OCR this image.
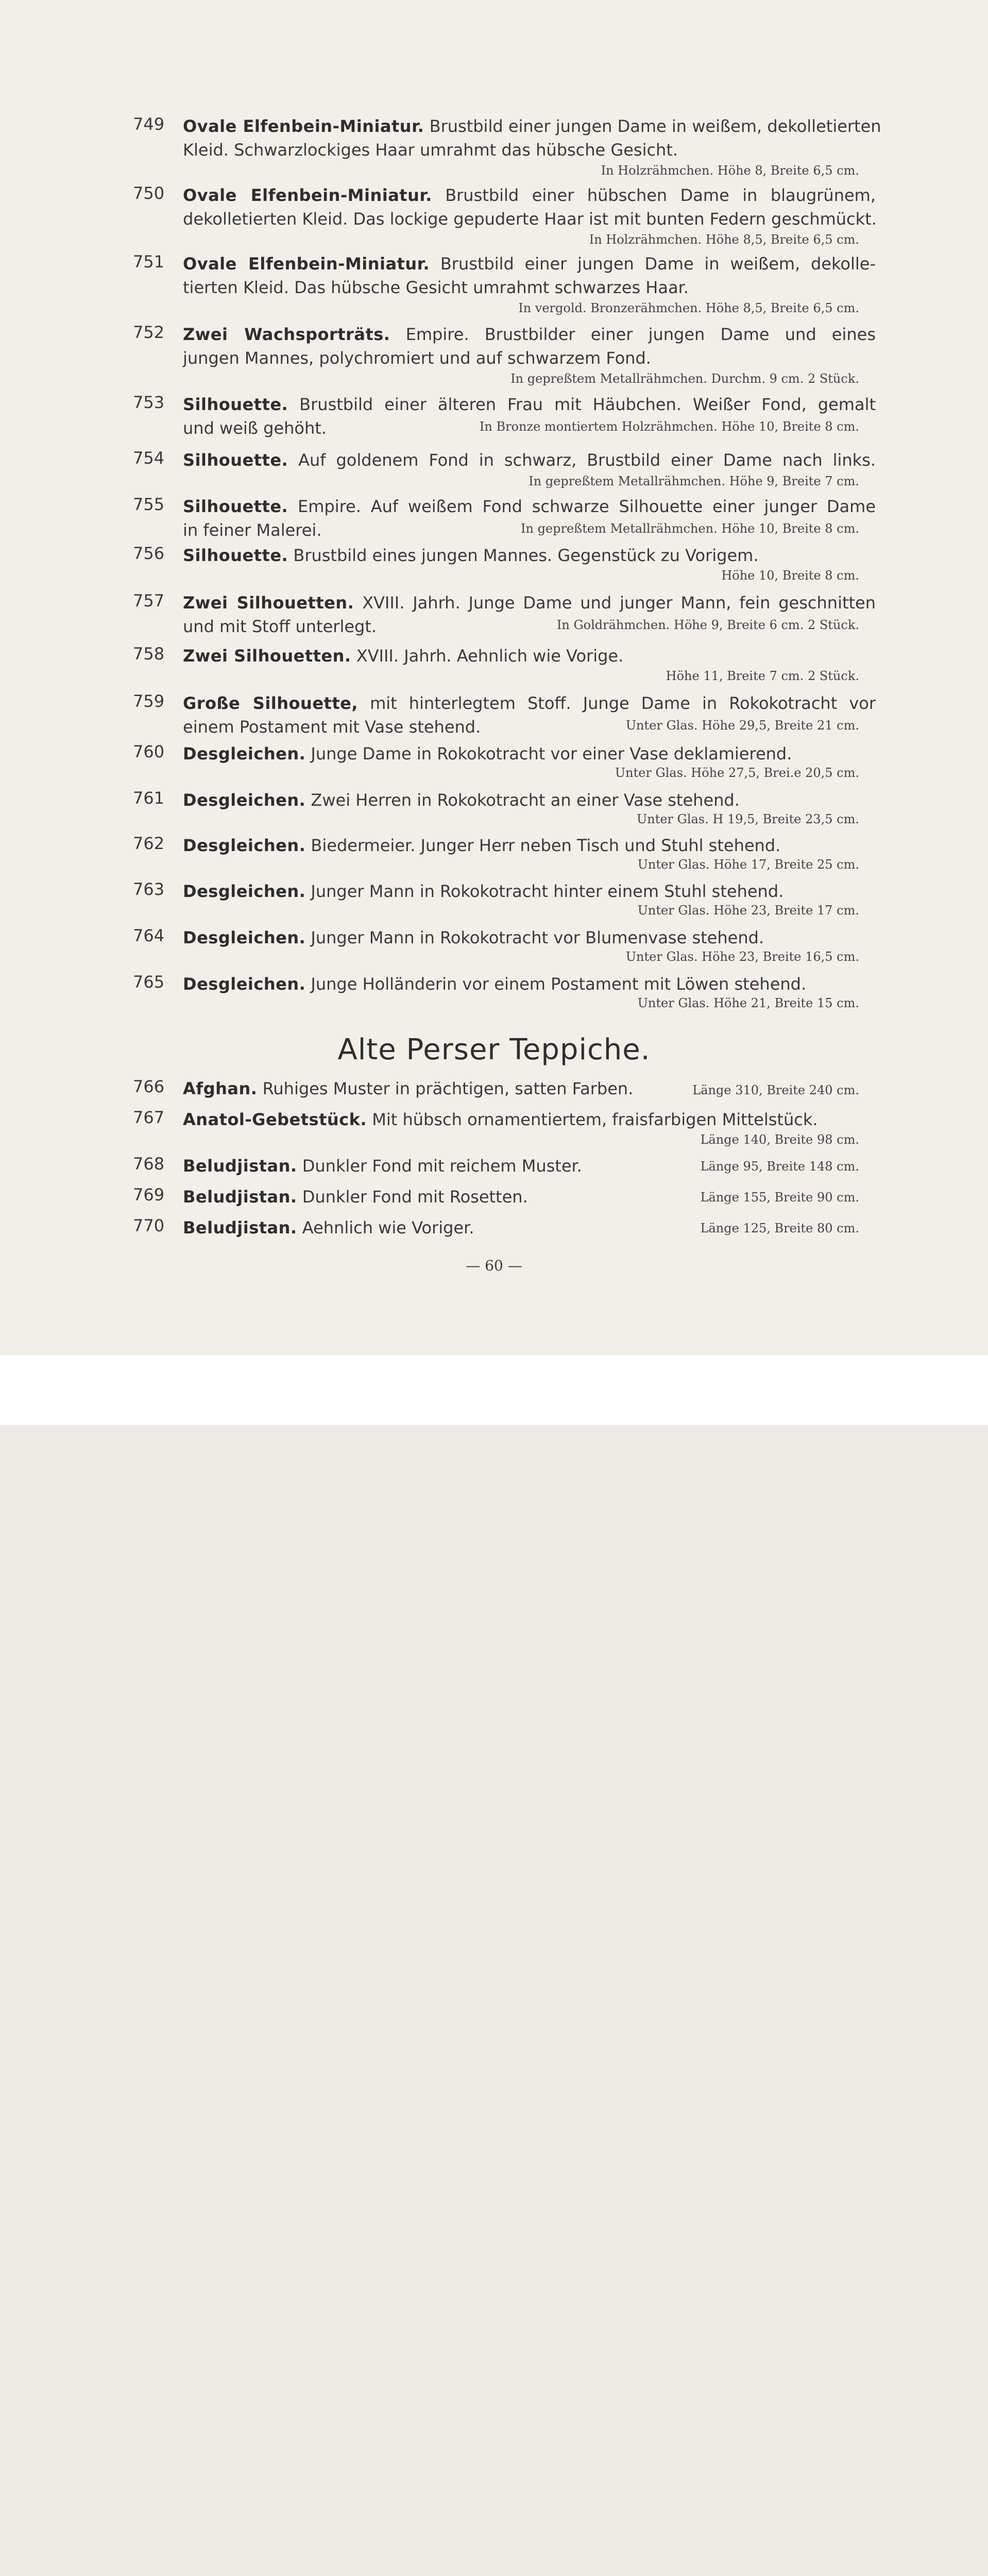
749	Ovale Elfenbein-Miniatur. Brustbild einer jungen Dame in weißem, dekolletierten
Kleid. Schwarzlockiges Haar umrahmt das hübsche Gesicht.
In Holzrähmchen. Höhe 8, Breite 6,5 cm.
750	Ovale Elfenbein-Miniatur. Brustbild einer hübschen Dame in blaugrünem,
dekolletierten Kleid. Das lockige gepuderte Haar ist mit bunten Federn geschmückt.
In Holzrähmchen. Höhe 8,5, Breite 6,5 cm.
751	Ovale Elfenbein-Miniatur. Brustbild einer jungen Dame in weißem, dekolle-
tierten Kleid. Das hübsche Gesicht umrahmt schwarzes Haar.
In vergold. Bronzerähmchen. Höhe 8,5, Breite 6,5 cm.
752	Zwei Wachsporträts. Empire. Brustbilder einer jungen Dame und eines
jungen Mannes, polychromiert und auf schwarzem Fond.
In gepreßtem Metallrähmchen. Durchm. 9 cm. 2 Stück.
753	Silhouette. Brustbild einer älteren Frau mit Häubchen. Weißer Fond, gemalt
und weiß gehöht.	In Bronze montiertem Holzrähmchen. Höhe 10, Breite 8 cm.
754	Silhouette. Auf goldenem Fond in schwarz, Brustbild einer Dame nach links.
In gepreßtem Metallrähmchen. Höhe 9, Breite 7 cm.
755	Silhouette. Empire. Auf weißem Fond schwarze Silhouette einer junger Dame
in feiner Malerei.	In gepreßtem Metallrähmchen. Höhe 10, Breite 8 cm.
756	Silhouette. Brustbild eines jungen Mannes. Gegenstück zu Vorigem.
Höhe 10, Breite 8 cm.
757	Zwei Silhouetten. XVIII. Jahrh. Junge Dame und junger Mann, fein geschnitten
und mit Stoff unterlegt.	In Goldrähmchen. Höhe 9, Breite 6 cm. 2 Stück.
758	Zwei Silhouetten. XVIII. Jahrh. Aehnlich wie Vorige.
Höhe 11, Breite 7 cm. 2 Stück.
759	Große Silhouette, mit hinterlegtem Stoff. Junge Dame in Rokokotracht vor
einem Postament mit Vase stehend.	Unter Glas. Höhe 29,5, Breite 21 cm.
760	Desgleichen. Junge Dame in Rokokotracht vor einer Vase deklamierend.
Unter Glas. Höhe 27,5, Brei.e 20,5 cm.
761	Desgleichen. Zwei Herren in Rokokotracht an einer Vase stehend.
Unter Glas. H 19,5, Breite 23,5 cm.
762	Desgleichen. Biedermeier. Junger Herr neben Tisch und Stuhl stehend.
Unter Glas. Höhe 17, Breite 25 cm.
763	Desgleichen. Junger Mann in Rokokotracht hinter einem Stuhl stehend.
Unter Glas. Höhe 23, Breite 17 cm.
764	Desgleichen. Junger Mann in Rokokotracht vor Blumenvase stehend.
Unter Glas. Höhe 23, Breite 16,5 cm.
765	Desgleichen. Junge Holländerin vor einem Postament mit Löwen stehend.
Unter Glas. Höhe 21, Breite 15 cm.
Alte Perser Teppiche.
766	Afghan. Ruhiges Muster in prächtigen, satten Farben.	Länge 310, Breite 240 cm.
767	Anatol-Gebetstück. Mit hübsch ornamentiertem, fraisfarbigen Mittelstück.
Länge 140, Breite 98 cm.
768	Beludjistan. Dunkler Fond mit reichem Muster.	Länge 95, Breite 148 cm.
769	Beludjistan. Dunkler Fond mit Rosetten.	Länge 155, Breite 90 cm.
770	Beludjistan. Aehnlich wie Voriger.	Länge 125, Breite 80 cm.
— 60 —
